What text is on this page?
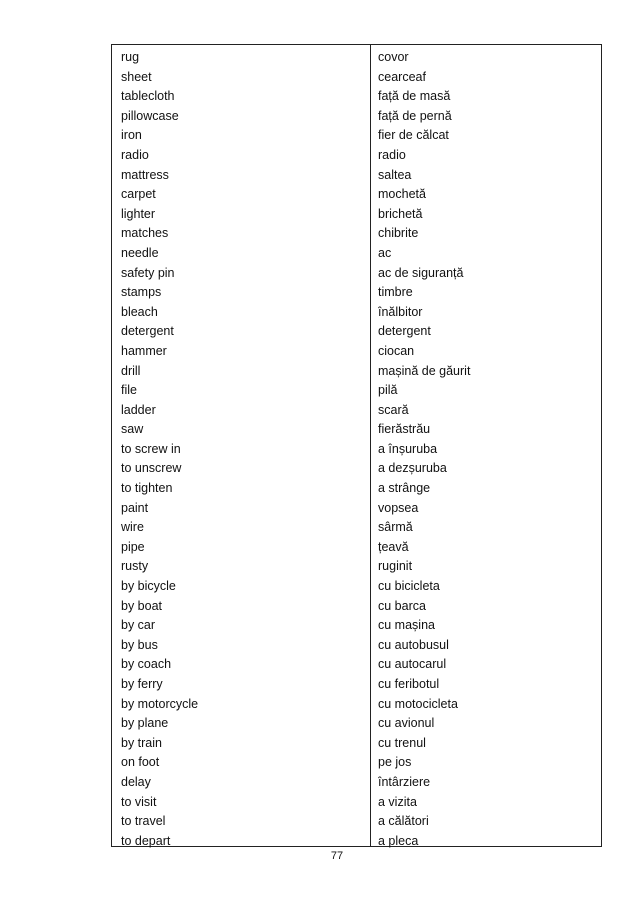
rug
sheet
tablecloth
pillowcase
iron
radio
mattress
carpet
lighter
matches
needle
safety pin
stamps
bleach
detergent
hammer
drill
file
ladder
saw
to screw in
to unscrew
to tighten
paint
wire
pipe
rusty
by bicycle
by boat
by car
by bus
by coach
by ferry
by motorcycle
by plane
by train
on foot
delay
to visit
to travel
to depart
covor
cearceaf
față de masă
față de pernă
fier de călcat
radio
saltea
mochetă
brichetă
chibrite
ac
ac de siguranță
timbre
înălbitor
detergent
ciocan
mașină de găurit
pilă
scară
fierăstrău
a înșuruba
a dezșuruba
a strânge
vopsea
sârmă
țeavă
ruginit
cu bicicleta
cu barca
cu mașina
cu autobusul
cu autocarul
cu feribotul
cu motocicleta
cu avionul
cu trenul
pe jos
întârziere
a vizita
a călători
a pleca
77
